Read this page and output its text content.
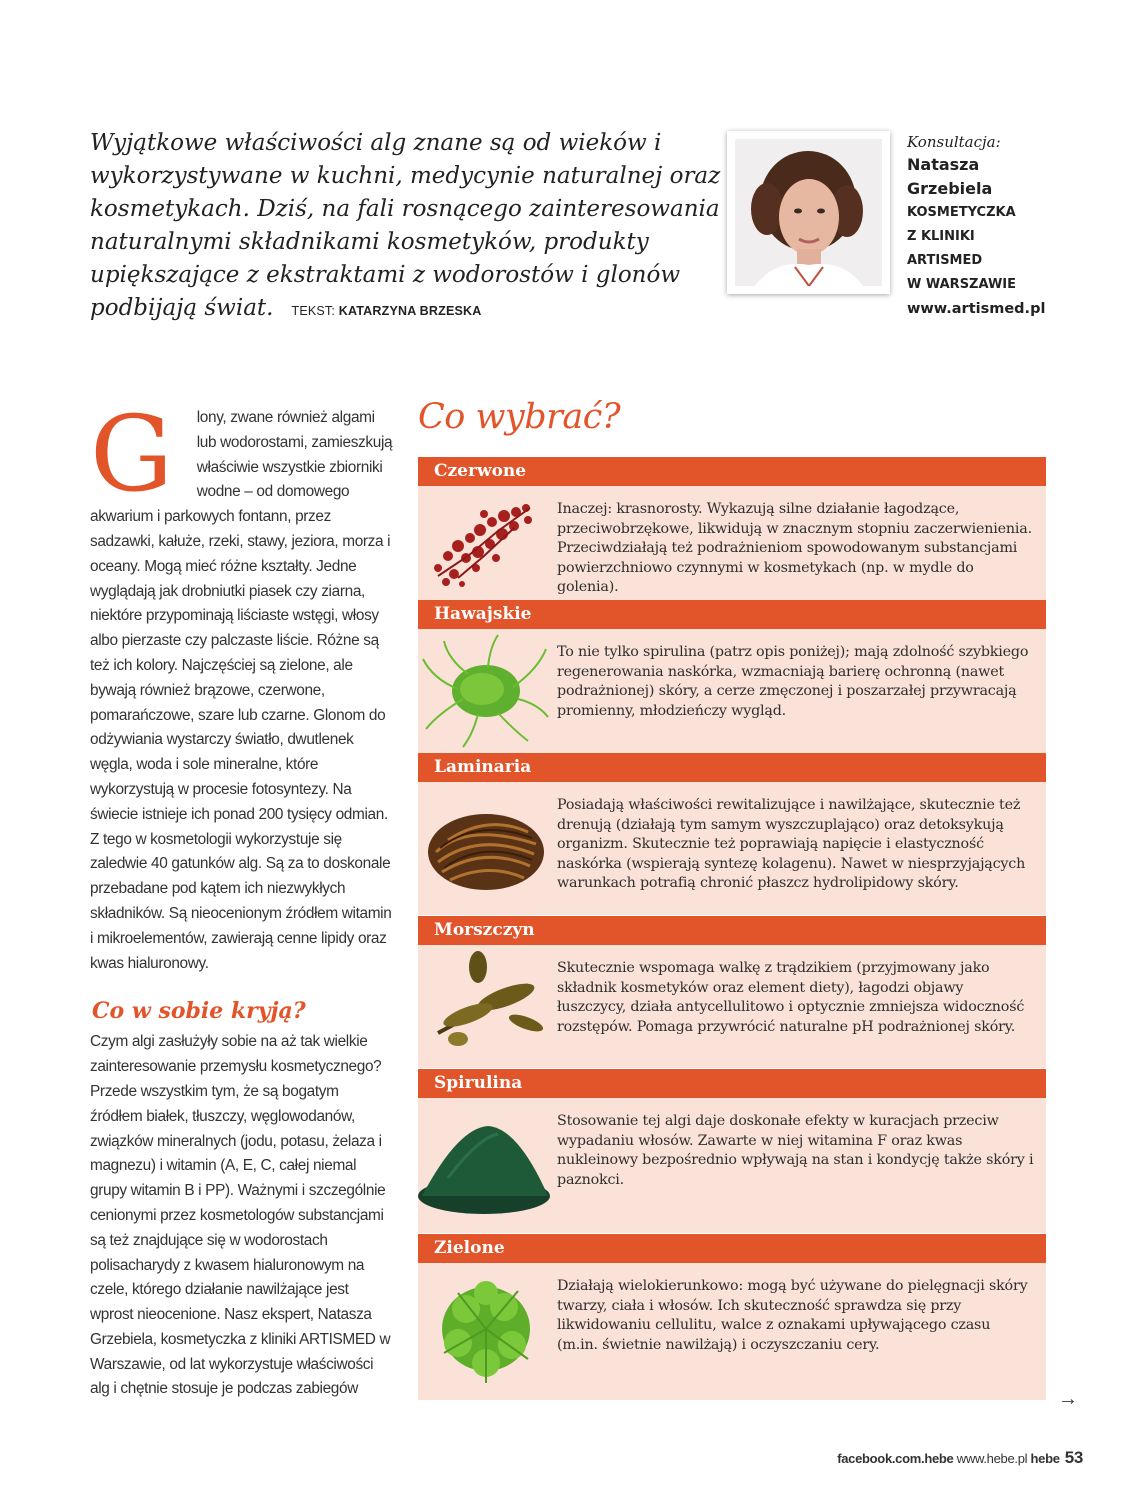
Wyjątkowe właściwości alg znane są od wieków i wykorzystywane w kuchni, medycynie naturalnej oraz kosmetykach. Dziś, na fali rosnącego zainteresowania naturalnymi składnikami kosmetyków, produkty upiększające z ekstraktami z wodorostów i glonów podbijają świat. TEKST: KATARZYNA BRZESKA
Konsultacja:
Natasza
Grzebiela
KOSMETYCZKA
Z KLINIKI
ARTISMED
W WARSZAWIE
www.artismed.pl

G lony, zwane również algami lub wodorostami, zamieszkują właściwie wszystkie zbiorniki wodne – od domowego akwarium i parkowych fontann, przez sadzawki, kałuże, rzeki, stawy, jeziora, morza i oceany. Mogą mieć różne kształty. Jedne wyglądają jak drobniutki piasek czy ziarna, niektóre przypominają liściaste wstęgi, włosy albo pierzaste czy palczaste liście. Różne są też ich kolory. Najczęściej są zielone, ale bywają również brązowe, czerwone, pomarańczowe, szare lub czarne. Glonom do odżywiania wystarczy światło, dwutlenek węgla, woda i sole mineralne, które wykorzystują w procesie fotosyntezy. Na świecie istnieje ich ponad 200 tysięcy odmian. Z tego w kosmetologii wykorzystuje się zaledwie 40 gatunków alg. Są za to doskonale przebadane pod kątem ich niezwykłych składników. Są nieocenionym źródłem witamin i mikroelementów, zawierają cenne lipidy oraz kwas hialuronowy.

Co w sobie kryją?

Czym algi zasłużyły sobie na aż tak wielkie zainteresowanie przemysłu kosmetycznego? Przede wszystkim tym, że są bogatym źródłem białek, tłuszczy, węglowodanów, związków mineralnych (jodu, potasu, żelaza i magnezu) i witamin (A, E, C, całej niemal grupy witamin B i PP). Ważnymi i szczególnie cenionymi przez kosmetologów substancjami są też znajdujące się w wodorostach polisacharydy z kwasem hialuronowym na czele, którego działanie nawilżające jest wprost nieocenione. Nasz ekspert, Natasza Grzebiela, kosmetyczka z kliniki ARTISMED w Warszawie, od lat wykorzystuje właściwości alg i chętnie stosuje je podczas zabiegów

Co wybrać?
Czerwone
Inaczej: krasnorosty. Wykazują silne działanie łagodzące, przeciwobrzękowe, likwidują w znacznym stopniu zaczerwienienia. Przeciwdziałają też podrażnieniom spowodowanym substancjami powierzchniowo czynnymi w kosmetykach (np. w mydle do golenia).
Hawajskie
To nie tylko spirulina (patrz opis poniżej); mają zdolność szybkiego regenerowania naskórka, wzmacniają barierę ochronną (nawet podrażnionej) skóry, a cerze zmęczonej i poszarzałej przywracają promienny, młodzieńczy wygląd.
Laminaria
Posiadają właściwości rewitalizujące i nawilżające, skutecznie też drenują (działają tym samym wyszczuplająco) oraz detoksykują organizm. Skutecznie też poprawiają napięcie i elastyczność naskórka (wspierają syntezę kolagenu). Nawet w niesprzyjających warunkach potrafią chronić płaszcz hydrolipidowy skóry.
Morszczyn
Skutecznie wspomaga walkę z trądzikiem (przyjmowany jako składnik kosmetyków oraz element diety), łagodzi objawy łuszczycy, działa antycellulitowo i optycznie zmniejsza widoczność rozstępów. Pomaga przywrócić naturalne pH podrażnionej skóry.
Spirulina
Stosowanie tej algi daje doskonałe efekty w kuracjach przeciw wypadaniu włosów. Zawarte w niej witamina F oraz kwas nukleinowy bezpośrednio wpływają na stan i kondycję także skóry i paznokci.
Zielone
Działają wielokierunkowo: mogą być używane do pielęgnacji skóry twarzy, ciała i włosów. Ich skuteczność sprawdza się przy likwidowaniu cellulitu, walce z oznakami upływającego czasu (m.in. świetnie nawilżają) i oczyszczaniu cery.
→
facebook.com.hebe www.hebe.pl hebe 53
